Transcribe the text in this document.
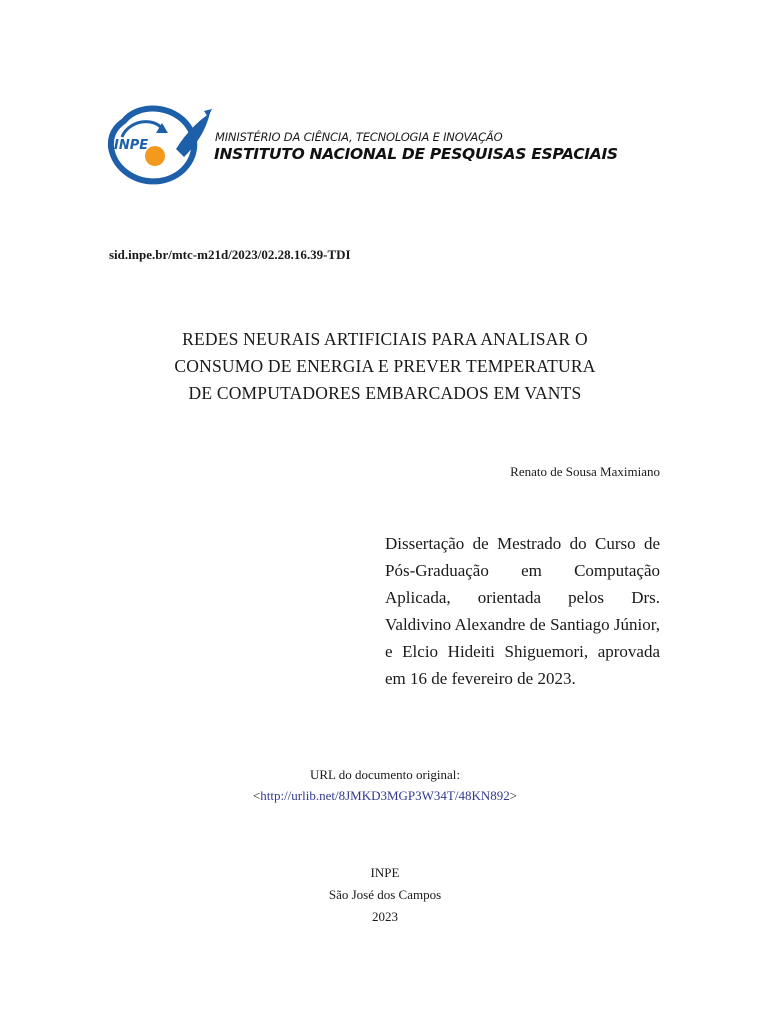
INPE
MINISTÉRIO DA CIÊNCIA, TECNOLOGIA E INOVAÇÃO
INSTITUTO NACIONAL DE PESQUISAS ESPACIAIS
sid.inpe.br/mtc-m21d/2023/02.28.16.39-TDI
REDES NEURAIS ARTIFICIAIS PARA ANALISAR O
CONSUMO DE ENERGIA E PREVER TEMPERATURA
DE COMPUTADORES EMBARCADOS EM VANTS
Renato de Sousa Maximiano
Dissertação de Mestrado do Curso de Pós-Graduação em Computação Aplicada, orientada pelos Drs. Valdivino Alexandre de Santiago Júnior, e Elcio Hideiti Shiguemori, aprovada em 16 de fevereiro de 2023.
URL do documento original:
<http://urlib.net/8JMKD3MGP3W34T/48KN892>
INPE
São José dos Campos
2023
